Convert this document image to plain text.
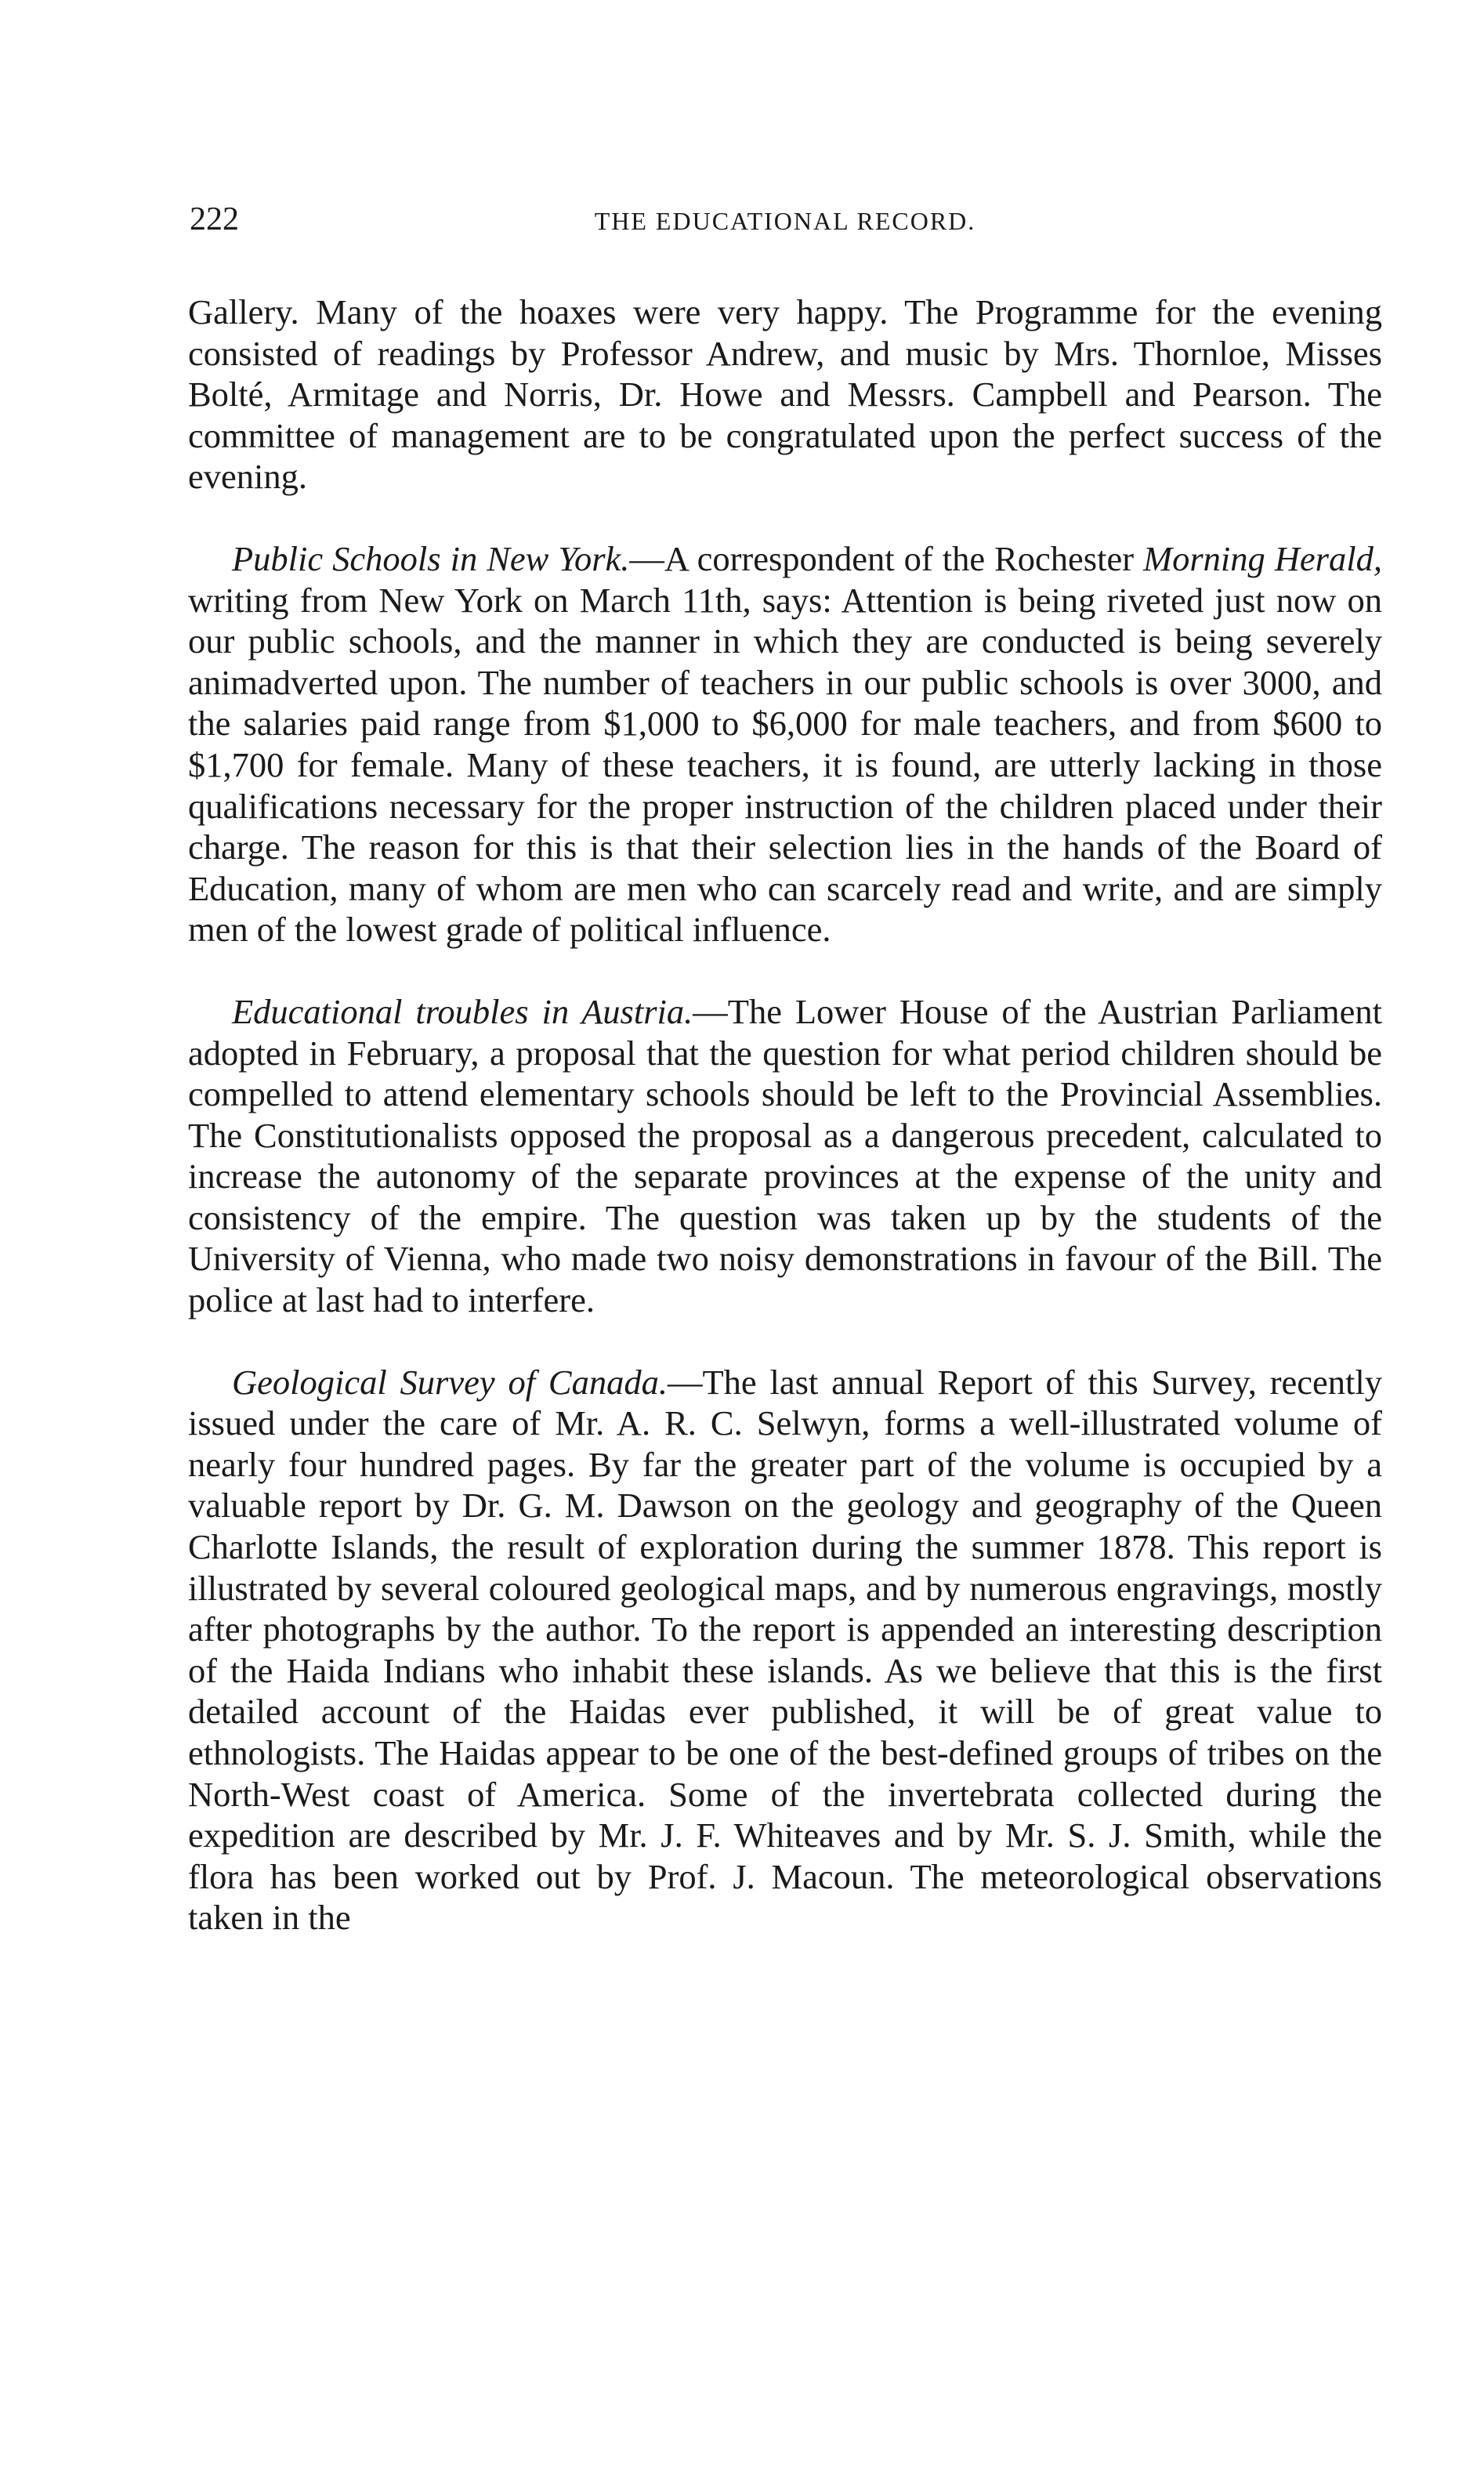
222	THE EDUCATIONAL RECORD.

Gallery. Many of the hoaxes were very happy. The Programme for the evening consisted of readings by Professor Andrew, and music by Mrs. Thornloe, Misses Bolté, Armitage and Norris, Dr. Howe and Messrs. Campbell and Pearson. The committee of management are to be congratulated upon the perfect success of the evening.

Public Schools in New York.—A correspondent of the Rochester Morning Herald, writing from New York on March 11th, says: Attention is being riveted just now on our public schools, and the manner in which they are conducted is being severely animadverted upon. The number of teachers in our public schools is over 3000, and the salaries paid range from $1,000 to $6,000 for male teachers, and from $600 to $1,700 for female. Many of these teachers, it is found, are utterly lacking in those qualifications necessary for the proper instruction of the children placed under their charge. The reason for this is that their selection lies in the hands of the Board of Education, many of whom are men who can scarcely read and write, and are simply men of the lowest grade of political influence.

Educational troubles in Austria.—The Lower House of the Austrian Parliament adopted in February, a proposal that the question for what period children should be compelled to attend elementary schools should be left to the Provincial Assemblies. The Constitutionalists opposed the proposal as a dangerous precedent, calculated to increase the autonomy of the separate provinces at the expense of the unity and consistency of the empire. The question was taken up by the students of the University of Vienna, who made two noisy demonstrations in favour of the Bill. The police at last had to interfere.

Geological Survey of Canada.—The last annual Report of this Survey, recently issued under the care of Mr. A. R. C. Selwyn, forms a well-illustrated volume of nearly four hundred pages. By far the greater part of the volume is occupied by a valuable report by Dr. G. M. Dawson on the geology and geography of the Queen Charlotte Islands, the result of exploration during the summer 1878. This report is illustrated by several coloured geological maps, and by numerous engravings, mostly after photographs by the author. To the report is appended an interesting description of the Haida Indians who inhabit these islands. As we believe that this is the first detailed account of the Haidas ever published, it will be of great value to ethnologists. The Haidas appear to be one of the best-defined groups of tribes on the North-West coast of America. Some of the invertebrata collected during the expedition are described by Mr. J. F. Whiteaves and by Mr. S. J. Smith, while the flora has been worked out by Prof. J. Macoun. The meteorological observations taken in the
